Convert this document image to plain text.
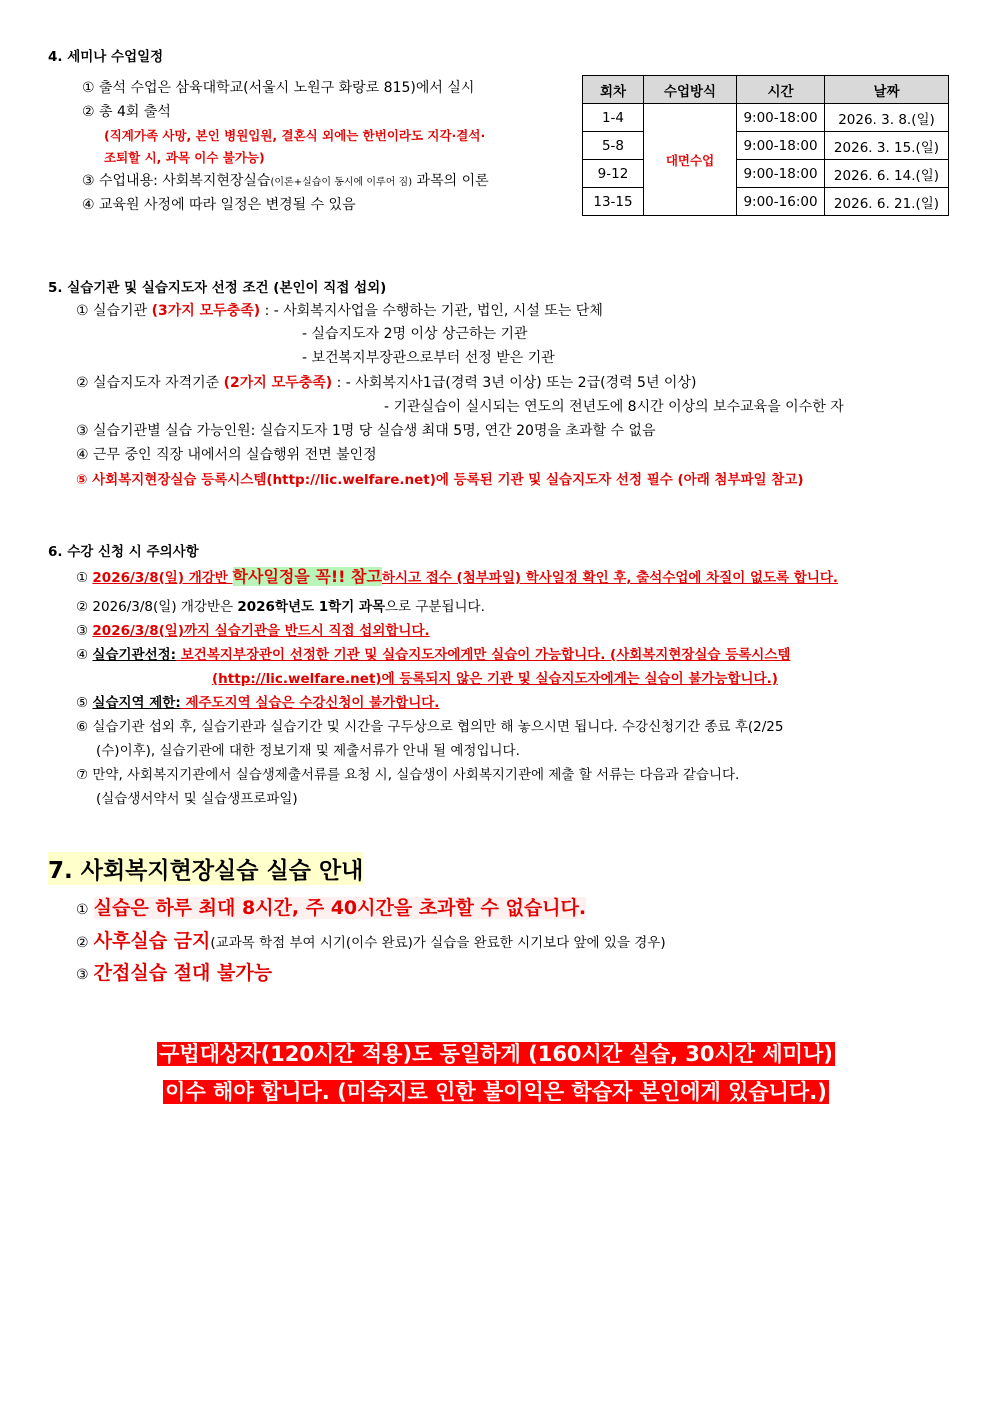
4. 세미나 수업일정
① 출석 수업은 삼육대학교(서울시 노원구 화랑로 815)에서 실시
② 총 4회 출석
(직계가족 사망, 본인 병원입원, 결혼식 외에는 한번이라도 지각·결석·
조퇴할 시, 과목 이수 불가능)
③ 수업내용: 사회복지현장실습(이론+실습이 동시에 이루어 짐) 과목의 이론
④ 교육원 사정에 따라 일정은 변경될 수 있음
회차	수업방식	시간	날짜
1-4	대면수업	9:00-18:00	2026. 3. 8.(일)
5-8		9:00-18:00	2026. 3. 15.(일)
9-12		9:00-18:00	2026. 6. 14.(일)
13-15		9:00-16:00	2026. 6. 21.(일)
5. 실습기관 및 실습지도자 선정 조건 (본인이 직접 섭외)
① 실습기관 (3가지 모두충족) : - 사회복지사업을 수행하는 기관, 법인, 시설 또는 단체
- 실습지도자 2명 이상 상근하는 기관
- 보건복지부장관으로부터 선정 받은 기관
② 실습지도자 자격기준 (2가지 모두충족) : - 사회복지사1급(경력 3년 이상) 또는 2급(경력 5년 이상)
- 기관실습이 실시되는 연도의 전년도에 8시간 이상의 보수교육을 이수한 자
③ 실습기관별 실습 가능인원: 실습지도자 1명 당 실습생 최대 5명, 연간 20명을 초과할 수 없음
④ 근무 중인 직장 내에서의 실습행위 전면 불인정
⑤ 사회복지현장실습 등록시스템(http://lic.welfare.net)에 등록된 기관 및 실습지도자 선정 필수 (아래 첨부파일 참고)
6. 수강 신청 시 주의사항
① 2026/3/8(일) 개강반 학사일정을 꼭!! 참고하시고 접수 (첨부파일) 학사일정 확인 후, 출석수업에 차질이 없도록 합니다.
② 2026/3/8(일) 개강반은 2026학년도 1학기 과목으로 구분됩니다.
③ 2026/3/8(일)까지 실습기관을 반드시 직접 섭외합니다.
④ 실습기관선정: 보건복지부장관이 선정한 기관 및 실습지도자에게만 실습이 가능합니다. (사회복지현장실습 등록시스템
(http://lic.welfare.net)에 등록되지 않은 기관 및 실습지도자에게는 실습이 불가능합니다.)
⑤ 실습지역 제한: 제주도지역 실습은 수강신청이 불가합니다.
⑥ 실습기관 섭외 후, 실습기관과 실습기간 및 시간을 구두상으로 협의만 해 놓으시면 됩니다. 수강신청기간 종료 후(2/25
(수)이후), 실습기관에 대한 정보기재 및 제출서류가 안내 될 예정입니다.
⑦ 만약, 사회복지기관에서 실습생제출서류를 요청 시, 실습생이 사회복지기관에 제출 할 서류는 다음과 같습니다.
(실습생서약서 및 실습생프로파일)
7. 사회복지현장실습 실습 안내
① 실습은 하루 최대 8시간, 주 40시간을 초과할 수 없습니다.
② 사후실습 금지(교과목 학점 부여 시기(이수 완료)가 실습을 완료한 시기보다 앞에 있을 경우)
③ 간접실습 절대 불가능
구법대상자(120시간 적용)도 동일하게 (160시간 실습, 30시간 세미나)
이수 해야 합니다. (미숙지로 인한 불이익은 학습자 본인에게 있습니다.)
